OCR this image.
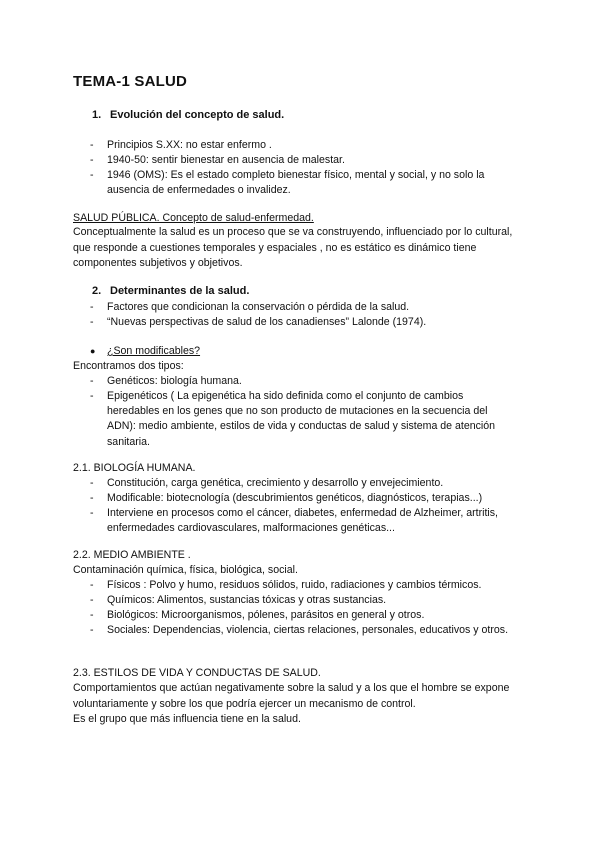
TEMA-1 SALUD
1. Evolución del concepto de salud.
- Principios S.XX: no estar enfermo .
- 1940-50: sentir bienestar en ausencia de malestar.
- 1946 (OMS): Es el estado completo bienestar físico, mental y social, y no solo la ausencia de enfermedades o invalidez.
SALUD PÚBLICA. Concepto de salud-enfermedad.
Conceptualmente la salud es un proceso que se va construyendo, influenciado por lo cultural, que responde a cuestiones temporales y espaciales , no es estático es dinámico tiene componentes subjetivos y objetivos.
2. Determinantes de la salud.
- Factores que condicionan la conservación o pérdida de la salud.
- “Nuevas perspectivas de salud de los canadienses” Lalonde (1974).
● ¿Son modificables?
Encontramos dos tipos:
- Genéticos: biología humana.
- Epigenéticos ( La epigenética ha sido definida como el conjunto de cambios heredables en los genes que no son producto de mutaciones en la secuencia del ADN): medio ambiente, estilos de vida y conductas de salud y sistema de atención sanitaria.
2.1. BIOLOGÍA HUMANA.
- Constitución, carga genética, crecimiento y desarrollo y envejecimiento.
- Modificable: biotecnología (descubrimientos genéticos, diagnósticos, terapias...)
- Interviene en procesos como el cáncer, diabetes, enfermedad de Alzheimer, artritis, enfermedades cardiovasculares, malformaciones genéticas...
2.2. MEDIO AMBIENTE .
Contaminación química, física, biológica, social.
- Físicos : Polvo y humo, residuos sólidos, ruido, radiaciones y cambios térmicos.
- Químicos: Alimentos, sustancias tóxicas y otras sustancias.
- Biológicos: Microorganismos, pólenes, parásitos en general y otros.
- Sociales: Dependencias, violencia, ciertas relaciones, personales, educativos y otros.
2.3. ESTILOS DE VIDA Y CONDUCTAS DE SALUD.
Comportamientos que actúan negativamente sobre la salud y a los que el hombre se expone voluntariamente y sobre los que podría ejercer un mecanismo de control.
Es el grupo que más influencia tiene en la salud.
